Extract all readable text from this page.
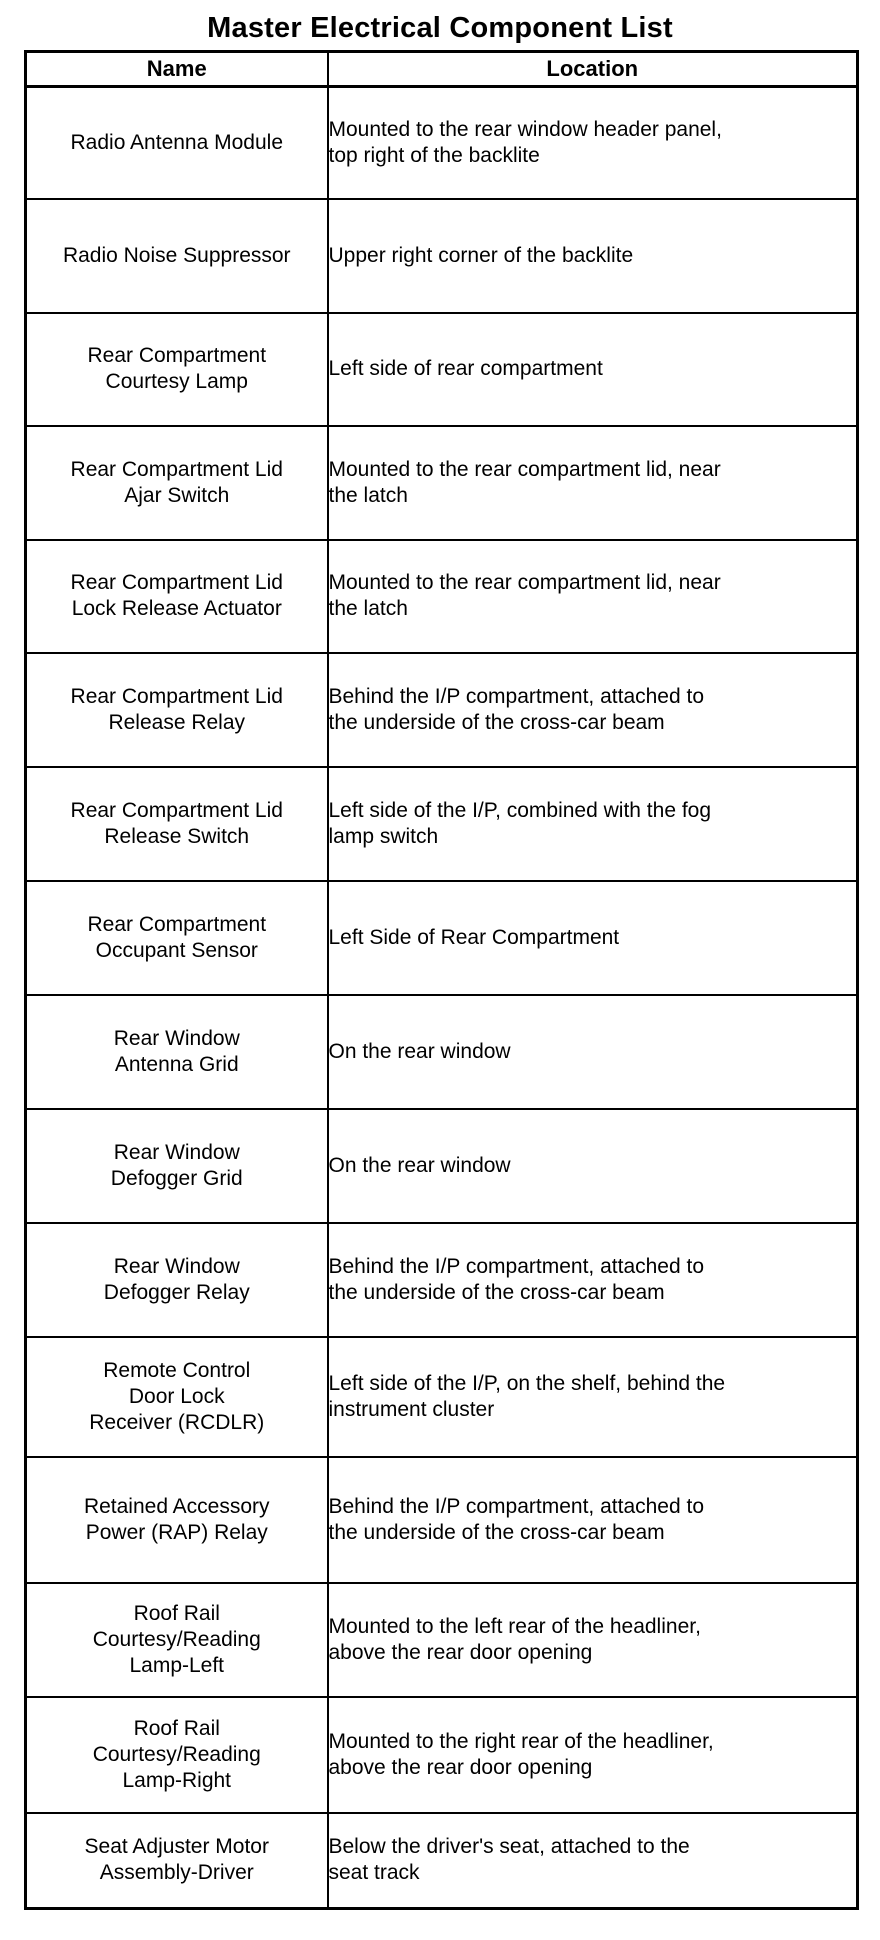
Master Electrical Component List
Name	Location
Radio Antenna Module	Mounted to the rear window header panel,
top right of the backlite
Radio Noise Suppressor	Upper right corner of the backlite
Rear Compartment
Courtesy Lamp	Left side of rear compartment
Rear Compartment Lid
Ajar Switch	Mounted to the rear compartment lid, near
the latch
Rear Compartment Lid
Lock Release Actuator	Mounted to the rear compartment lid, near
the latch
Rear Compartment Lid
Release Relay	Behind the I/P compartment, attached to
the underside of the cross-car beam
Rear Compartment Lid
Release Switch	Left side of the I/P, combined with the fog
lamp switch
Rear Compartment
Occupant Sensor	Left Side of Rear Compartment
Rear Window
Antenna Grid	On the rear window
Rear Window
Defogger Grid	On the rear window
Rear Window
Defogger Relay	Behind the I/P compartment, attached to
the underside of the cross-car beam
Remote Control
Door Lock
Receiver (RCDLR)	Left side of the I/P, on the shelf, behind the
instrument cluster
Retained Accessory
Power (RAP) Relay	Behind the I/P compartment, attached to
the underside of the cross-car beam
Roof Rail
Courtesy/Reading
Lamp-Left	Mounted to the left rear of the headliner,
above the rear door opening
Roof Rail
Courtesy/Reading
Lamp-Right	Mounted to the right rear of the headliner,
above the rear door opening
Seat Adjuster Motor
Assembly-Driver	Below the driver's seat, attached to the
seat track
